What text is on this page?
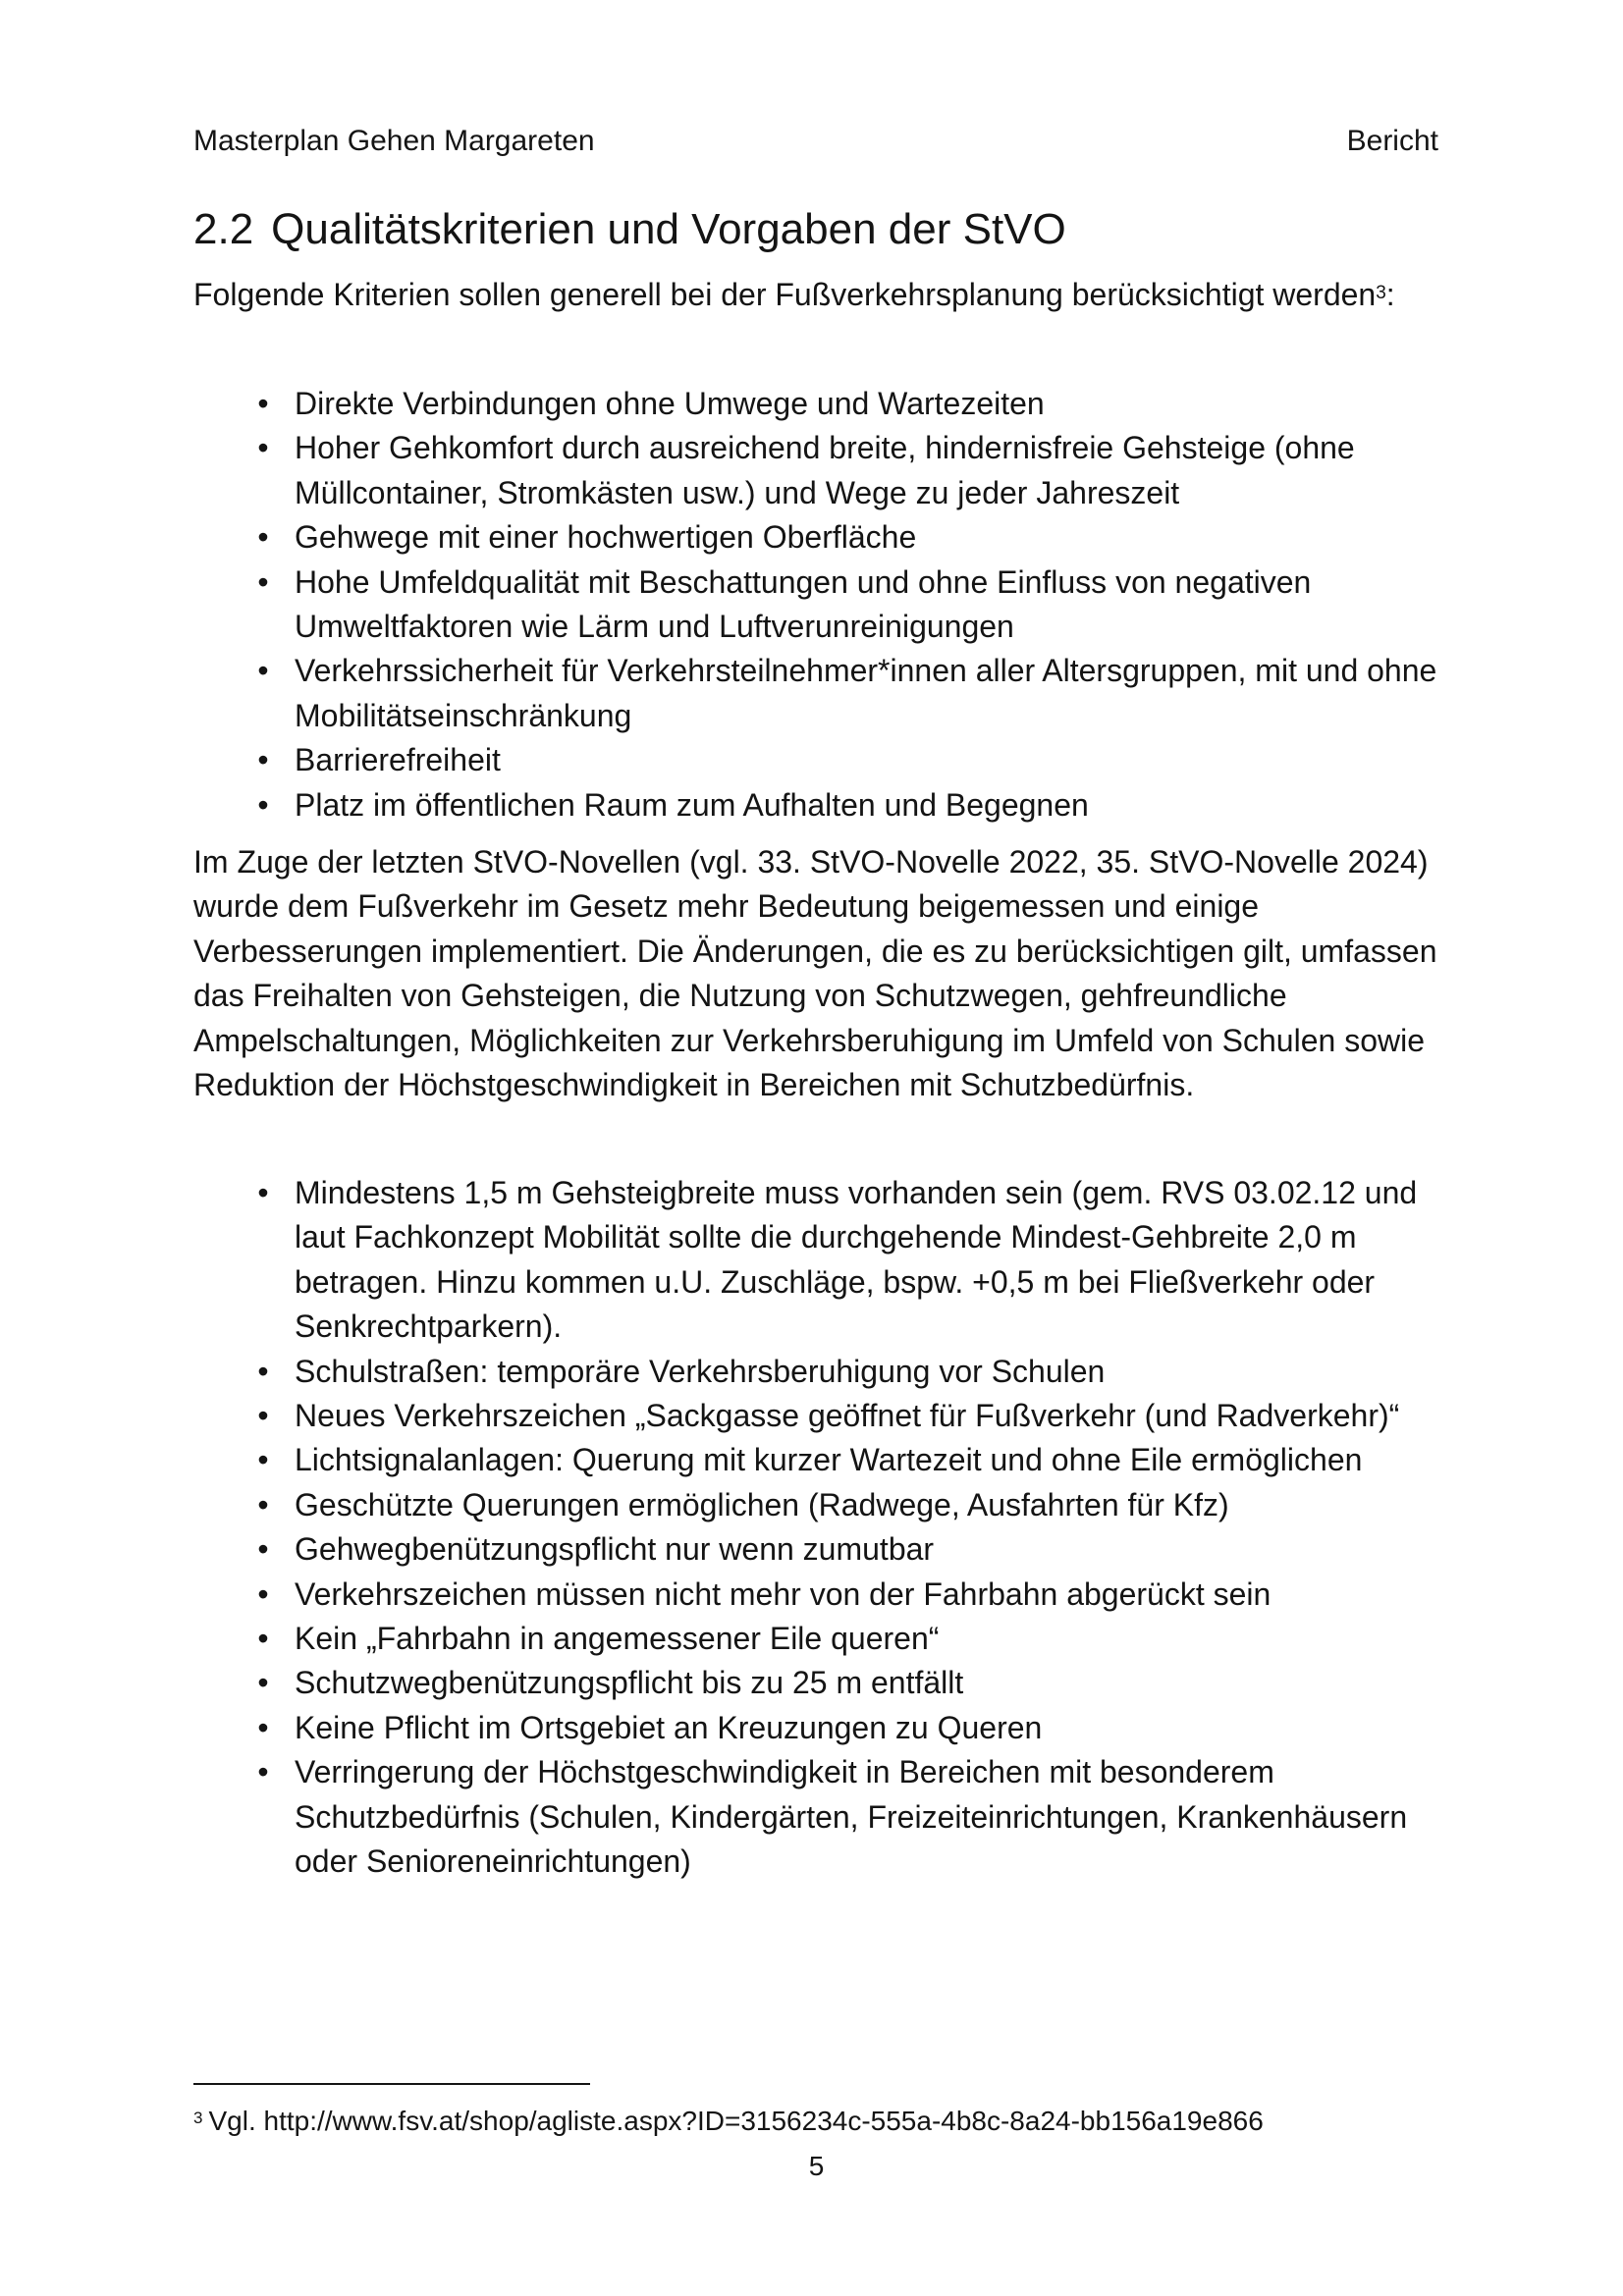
Masterplan Gehen Margareten	Bericht
2.2 Qualitätskriterien und Vorgaben der StVO

Folgende Kriterien sollen generell bei der Fußverkehrsplanung berücksichtigt werden$^3$:

• Direkte Verbindungen ohne Umwege und Wartezeiten
• Hoher Gehkomfort durch ausreichend breite, hindernisfreie Gehsteige (ohne Müllcontainer, Stromkästen usw.) und Wege zu jeder Jahreszeit
• Gehwege mit einer hochwertigen Oberfläche
• Hohe Umfeldqualität mit Beschattungen und ohne Einfluss von negativen Umweltfaktoren wie Lärm und Luftverunreinigungen
• Verkehrssicherheit für Verkehrsteilnehmer*innen aller Altersgruppen, mit und ohne Mobilitätseinschränkung
• Barrierefreiheit
• Platz im öffentlichen Raum zum Aufhalten und Begegnen

Im Zuge der letzten StVO-Novellen (vgl. 33. StVO-Novelle 2022, 35. StVO-Novelle 2024) wurde dem Fußverkehr im Gesetz mehr Bedeutung beigemessen und einige Verbesserungen implementiert. Die Änderungen, die es zu berücksichtigen gilt, umfassen das Freihalten von Gehsteigen, die Nutzung von Schutzwegen, gehfreundliche Ampelschaltungen, Möglichkeiten zur Verkehrsberuhigung im Umfeld von Schulen sowie Reduktion der Höchstgeschwindigkeit in Bereichen mit Schutzbedürfnis.

• Mindestens 1,5 m Gehsteigbreite muss vorhanden sein (gem. RVS 03.02.12 und laut Fachkonzept Mobilität sollte die durchgehende Mindest-Gehbreite 2,0 m betragen. Hinzu kommen u.U. Zuschläge, bspw. +0,5 m bei Fließverkehr oder Senkrechtparkern).
• Schulstraßen: temporäre Verkehrsberuhigung vor Schulen
• Neues Verkehrszeichen „Sackgasse geöffnet für Fußverkehr (und Radverkehr)“
• Lichtsignalanlagen: Querung mit kurzer Wartezeit und ohne Eile ermöglichen
• Geschützte Querungen ermöglichen (Radwege, Ausfahrten für Kfz)
• Gehwegbenützungspflicht nur wenn zumutbar
• Verkehrszeichen müssen nicht mehr von der Fahrbahn abgerückt sein
• Kein „Fahrbahn in angemessener Eile queren“
• Schutzwegbenützungspflicht bis zu 25 m entfällt
• Keine Pflicht im Ortsgebiet an Kreuzungen zu Queren
• Verringerung der Höchstgeschwindigkeit in Bereichen mit besonderem Schutzbedürfnis (Schulen, Kindergärten, Freizeiteinrichtungen, Krankenhäusern oder Senioreneinrichtungen)
$^3$ Vgl. http://www.fsv.at/shop/agliste.aspx?ID=3156234c-555a-4b8c-8a24-bb156a19e866
5
